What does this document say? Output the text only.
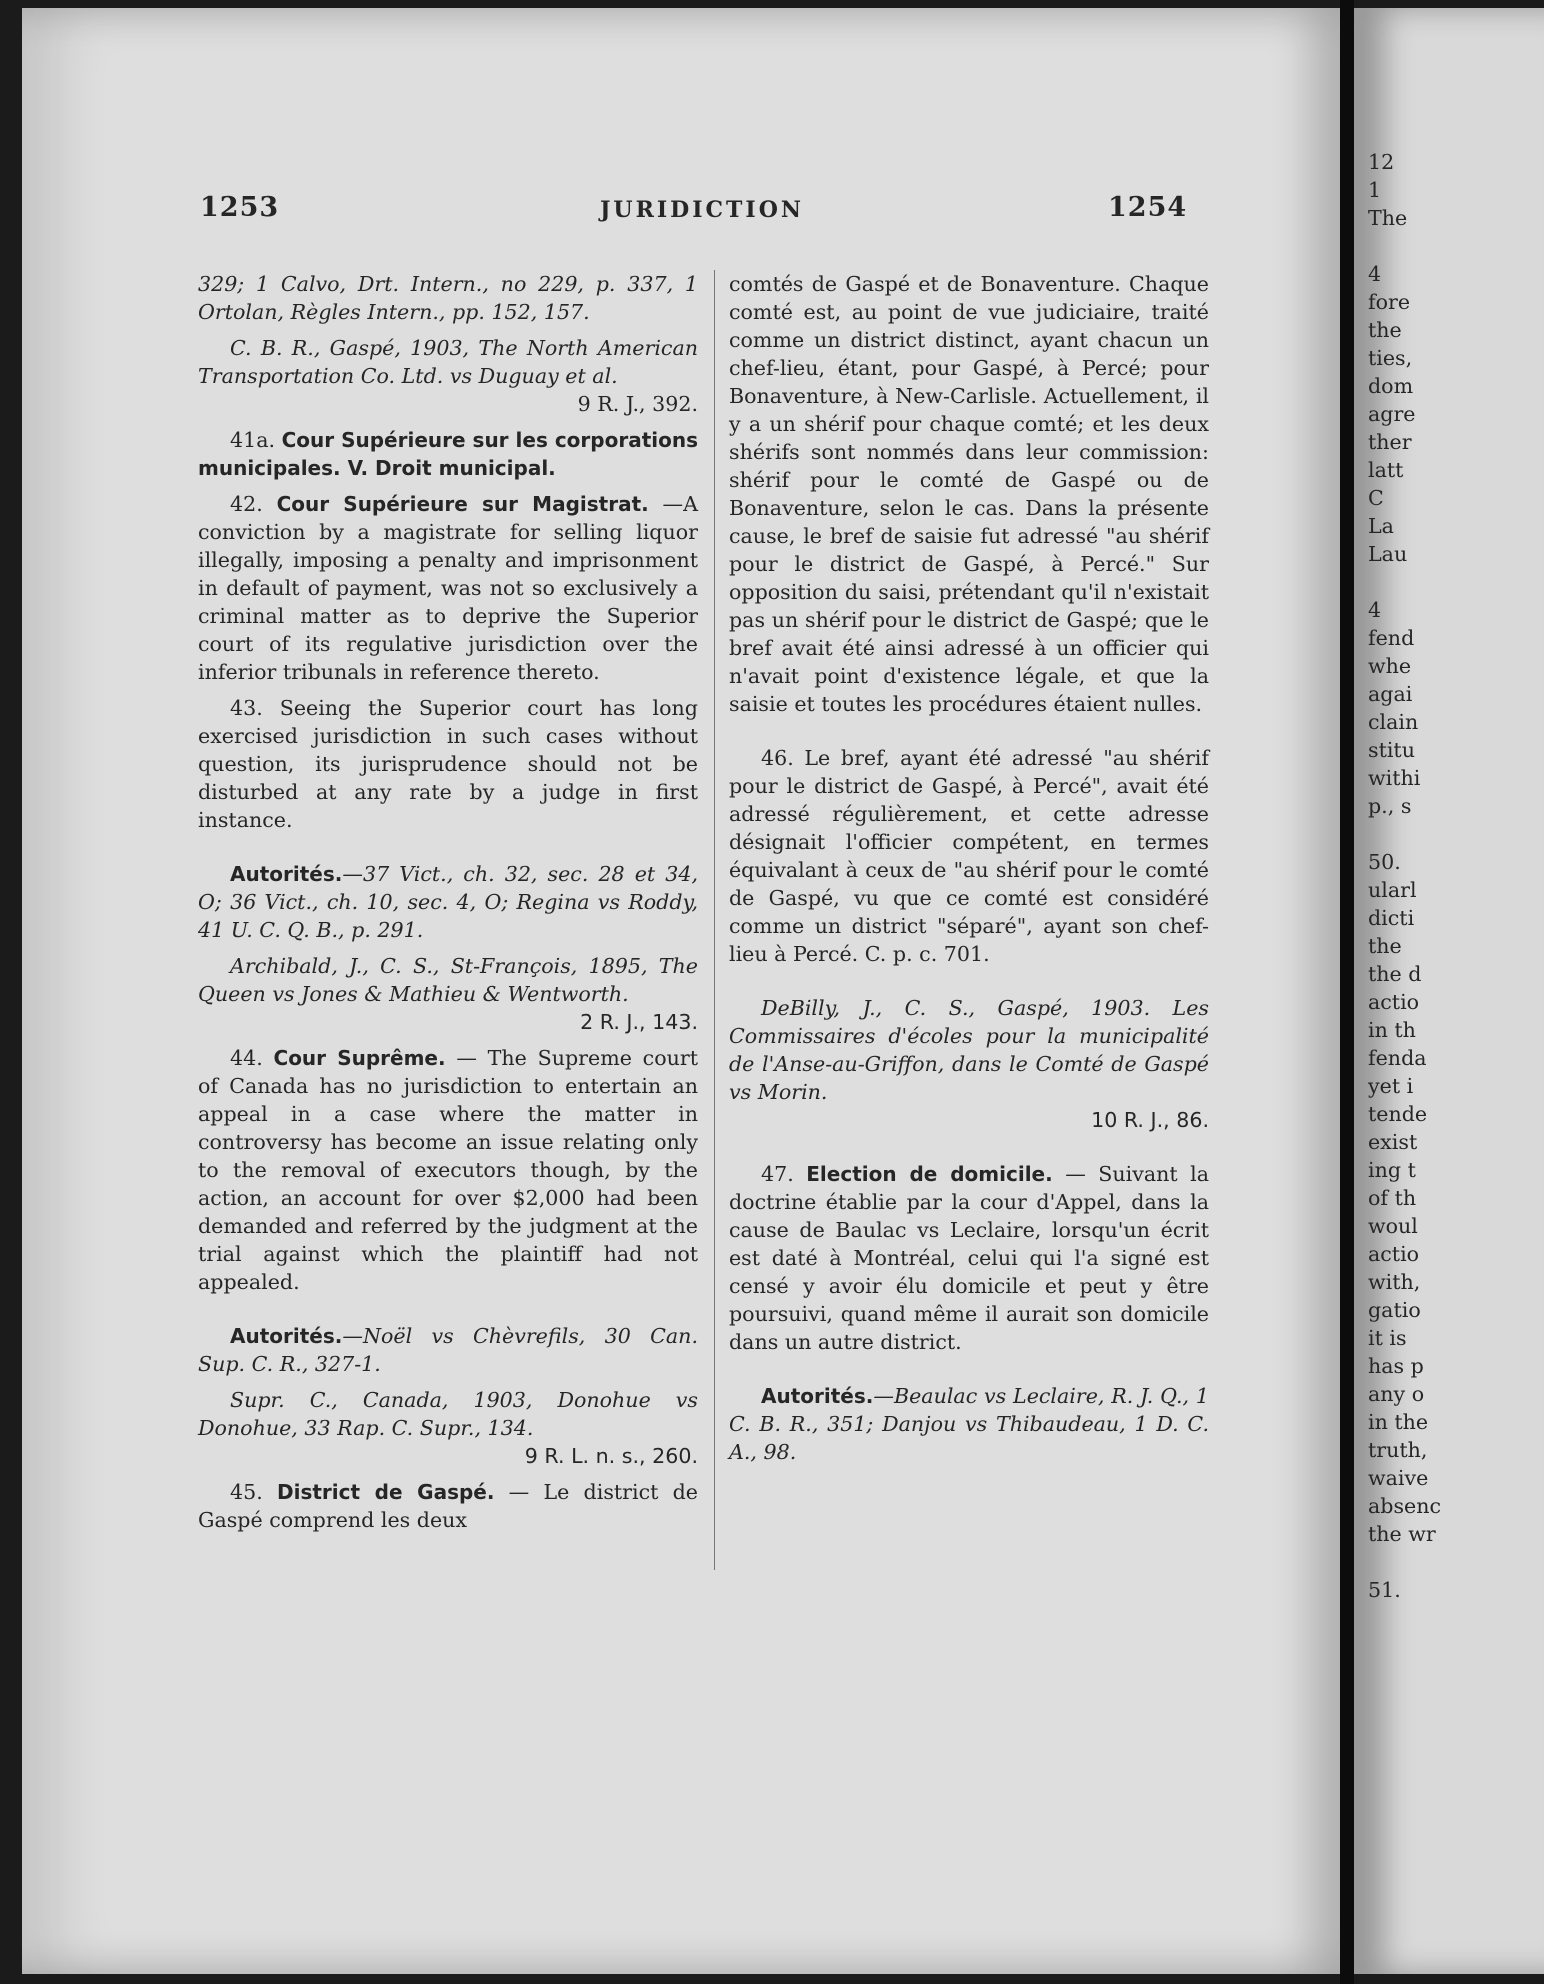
12
1
The
4
fore
the
ties,
dom
agre
ther
latt
C
La
Lau
4
fend
whe
agai
clain
stitu
withi
p., s
50.
ularl
dicti
the
the d
actio
in th
fenda
yet i
tende
exist
ing t
of th
woul
actio
with,
gatio
it is
has p
any o
in the
truth,
waive
absenc
the wr
51.
1253	JURIDICTION	1254

329; 1 Calvo, Drt. Intern., no 229, p. 337, 1 Ortolan, Règles Intern., pp. 152, 157.

C. B. R., Gaspé, 1903, The North American Transportation Co. Ltd. vs Duguay et al.
9 R. J., 392.

41a. Cour Supérieure sur les corporations municipales. V. Droit municipal.

42. Cour Supérieure sur Magistrat. —A conviction by a magistrate for selling liquor illegally, imposing a penalty and imprisonment in default of payment, was not so exclusively a criminal matter as to deprive the Superior court of its regulative jurisdiction over the inferior tribunals in reference thereto.

43. Seeing the Superior court has long exercised jurisdiction in such cases without question, its jurisprudence should not be disturbed at any rate by a judge in first instance.

Autorités.—37 Vict., ch. 32, sec. 28 et 34, O; 36 Vict., ch. 10, sec. 4, O; Regina vs Roddy, 41 U. C. Q. B., p. 291.

Archibald, J., C. S., St-François, 1895, The Queen vs Jones & Mathieu & Wentworth.
2 R. J., 143.

44. Cour Suprême. — The Supreme court of Canada has no jurisdiction to entertain an appeal in a case where the matter in controversy has become an issue relating only to the removal of executors though, by the action, an account for over $2,000 had been demanded and referred by the judgment at the trial against which the plaintiff had not appealed.

Autorités.—Noël vs Chèvrefils, 30 Can. Sup. C. R., 327-1.

Supr. C., Canada, 1903, Donohue vs Donohue, 33 Rap. C. Supr., 134.
9 R. L. n. s., 260.

45. District de Gaspé. — Le district de Gaspé comprend les deux

comtés de Gaspé et de Bonaventure. Chaque comté est, au point de vue judiciaire, traité comme un district distinct, ayant chacun un chef-lieu, étant, pour Gaspé, à Percé; pour Bonaventure, à New-Carlisle. Actuellement, il y a un shérif pour chaque comté; et les deux shérifs sont nommés dans leur commission: shérif pour le comté de Gaspé ou de Bonaventure, selon le cas. Dans la présente cause, le bref de saisie fut adressé "au shérif pour le district de Gaspé, à Percé." Sur opposition du saisi, prétendant qu'il n'existait pas un shérif pour le district de Gaspé; que le bref avait été ainsi adressé à un officier qui n'avait point d'existence légale, et que la saisie et toutes les procédures étaient nulles.

46. Le bref, ayant été adressé "au shérif pour le district de Gaspé, à Percé", avait été adressé régulièrement, et cette adresse désignait l'officier compétent, en termes équivalant à ceux de "au shérif pour le comté de Gaspé, vu que ce comté est considéré comme un district "séparé", ayant son chef-lieu à Percé. C. p. c. 701.

DeBilly, J., C. S., Gaspé, 1903. Les Commissaires d'écoles pour la municipalité de l'Anse-au-Griffon, dans le Comté de Gaspé vs Morin.
10 R. J., 86.

47. Election de domicile. — Suivant la doctrine établie par la cour d'Appel, dans la cause de Baulac vs Leclaire, lorsqu'un écrit est daté à Montréal, celui qui l'a signé est censé y avoir élu domicile et peut y être poursuivi, quand même il aurait son domicile dans un autre district.

Autorités.—Beaulac vs Leclaire, R. J. Q., 1 C. B. R., 351; Danjou vs Thibaudeau, 1 D. C. A., 98.
